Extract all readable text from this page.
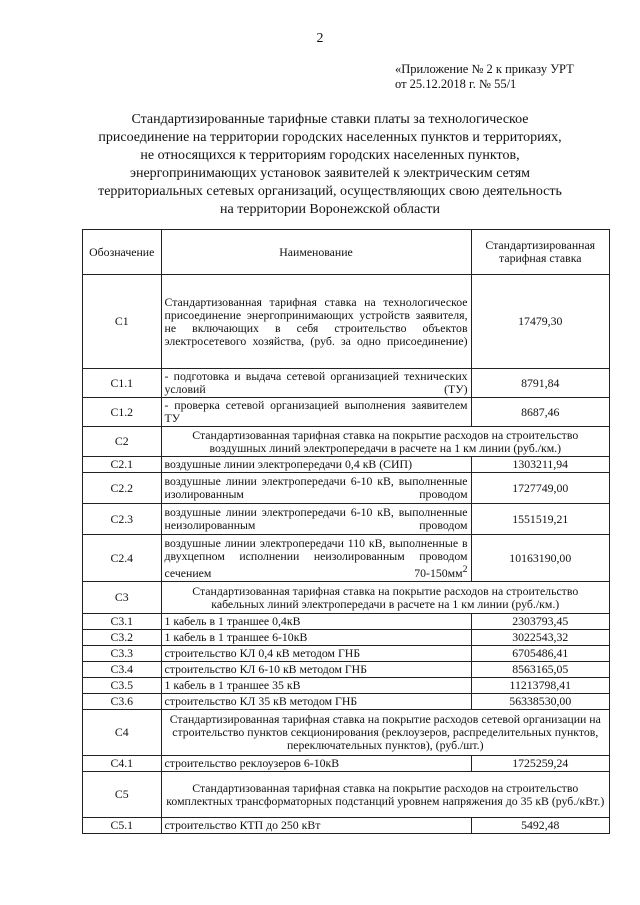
2
«Приложение № 2 к приказу УРТ
от 25.12.2018 г. № 55/1
Стандартизированные тарифные ставки платы за технологическое
присоединение на территории городских населенных пунктов и территориях,
не относящихся к территориям городских населенных пунктов,
энергопринимающих установок заявителей к электрическим сетям
территориальных сетевых организаций, осуществляющих свою деятельность
на территории Воронежской области
Обозначение	Наименование	Стандартизированная тарифная ставка
С1	Стандартизованная тарифная ставка на технологическое присоединение энергопринимающих устройств заявителя, не включающих в себя строительство объектов электросетевого хозяйства, (руб. за одно присоединение)	17479,30
С1.1	- подготовка и выдача сетевой организацией технических условий (ТУ)	8791,84
С1.2	- проверка сетевой организацией выполнения заявителем ТУ	8687,46
С2	Стандартизованная тарифная ставка на покрытие расходов на строительство воздушных линий электропередачи в расчете на 1 км линии (руб./км.)	
С2.1	воздушные линии электропередачи 0,4 кВ (СИП)	1303211,94
С2.2	воздушные линии электропередачи 6-10 кВ, выполненные изолированным проводом	1727749,00
С2.3	воздушные линии электропередачи 6-10 кВ, выполненные неизолированным проводом	1551519,21
С2.4	воздушные линии электропередачи 110 кВ, выполненные в двухцепном исполнении неизолированным проводом сечением $70-150мм^2$	10163190,00
С3	Стандартизованная тарифная ставка на покрытие расходов на строительство кабельных линий электропередачи в расчете на 1 км линии (руб./км.)	
С3.1	1 кабель в 1 траншее 0,4кВ	2303793,45
С3.2	1 кабель в 1 траншее 6-10кВ	3022543,32
С3.3	строительство КЛ 0,4 кВ методом ГНБ	6705486,41
С3.4	строительство КЛ 6-10 кВ методом ГНБ	8563165,05
С3.5	1 кабель в 1 траншее 35 кВ	11213798,41
С3.6	строительство КЛ 35 кВ методом ГНБ	56338530,00
С4	Стандартизированная тарифная ставка на покрытие расходов сетевой организации на строительство пунктов секционирования (реклоузеров, распределительных пунктов, переключательных пунктов), (руб./шт.)	
С4.1	строительство реклоузеров 6-10кВ	1725259,24
С5	Стандартизованная тарифная ставка на покрытие расходов на строительство комплектных трансформаторных подстанций уровнем напряжения до 35 кВ (руб./кВт.)	
С5.1	строительство КТП до 250 кВт	5492,48
